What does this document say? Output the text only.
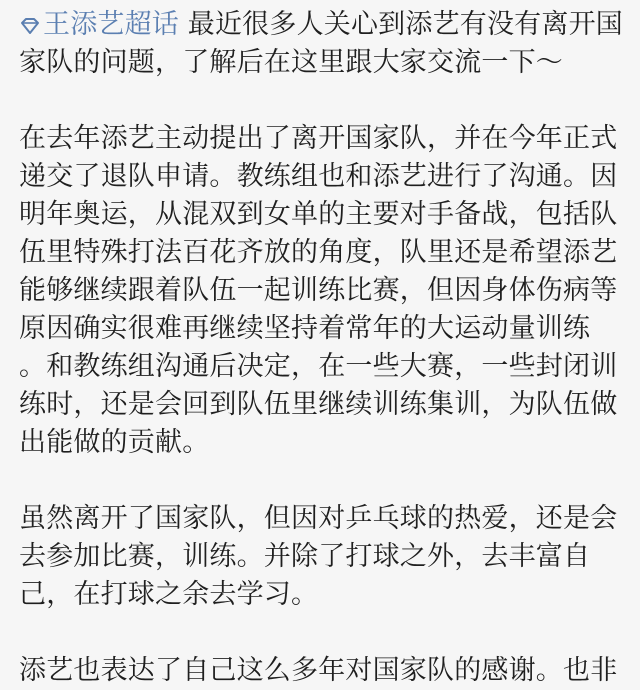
王添艺超话 最近很多人关心到添艺有没有离开国家队的问题，了解后在这里跟大家交流一下～

在去年添艺主动提出了离开国家队，并在今年正式递交了退队申请。教练组也和添艺进行了沟通。因明年奥运，从混双到女单的主要对手备战，包括队伍里特殊打法百花齐放的角度，队里还是希望添艺能够继续跟着队伍一起训练比赛，但因身体伤病等原因确实很难再继续坚持着常年的大运动量训练 。和教练组沟通后决定，在一些大赛，一些封闭训练时，还是会回到队伍里继续训练集训，为队伍做出能做的贡献。

虽然离开了国家队，但因对乒乓球的热爱，还是会去参加比赛，训练。并除了打球之外，去丰富自己，在打球之余去学习。

添艺也表达了自己这么多年对国家队的感谢。也非
